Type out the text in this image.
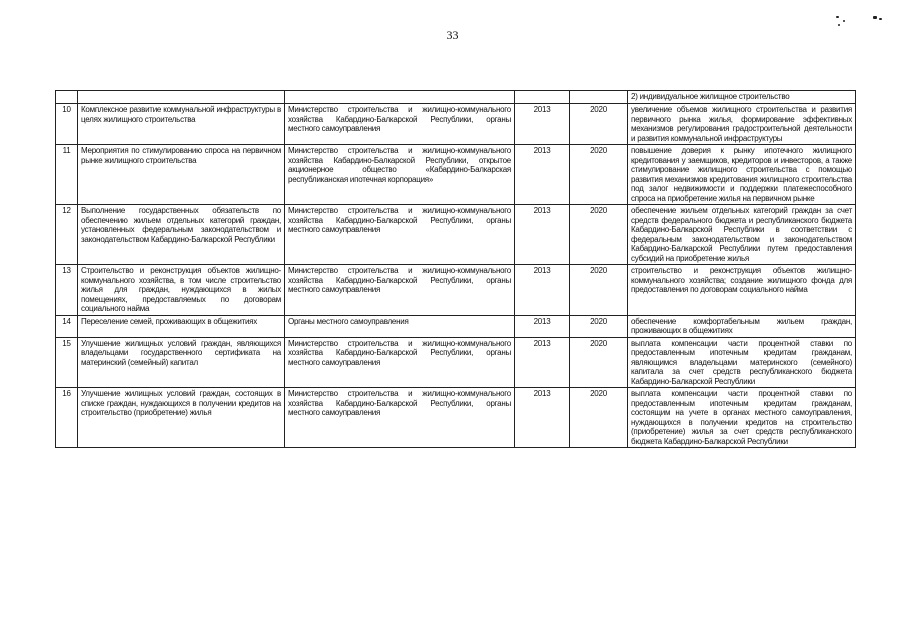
33
					2) индивидуальное жилищное строительство
10	Комплексное развитие коммунальной инфраструктуры в целях жилищного строительства	Министерство строительства и жилищно-коммунального хозяйства Кабардино-Балкарской Республики, органы местного самоуправления	2013	2020	увеличение объемов жилищного строительства и развития первичного рынка жилья, формирование эффективных механизмов регулирования градостроительной деятельности и развития коммунальной инфраструктуры
11	Мероприятия по стимулированию спроса на первичном рынке жилищного строительства	Министерство строительства и жилищно-коммунального хозяйства Кабардино-Балкарской Республики, открытое акционерное общество «Кабардино-Балкарская республиканская ипотечная корпорация»	2013	2020	повышение доверия к рынку ипотечного жилищного кредитования у заемщиков, кредиторов и инвесторов, а также стимулирование жилищного строительства с помощью развития механизмов кредитования жилищного строительства под залог недвижимости и поддержки платежеспособного спроса на приобретение жилья на первичном рынке
12	Выполнение государственных обязательств по обеспечению жильем отдельных категорий граждан, установленных федеральным законодательством и законодательством Кабардино-Балкарской Республики	Министерство строительства и жилищно-коммунального хозяйства Кабардино-Балкарской Республики, органы местного самоуправления	2013	2020	обеспечение жильем отдельных категорий граждан за счет средств федерального бюджета и республиканского бюджета Кабардино-Балкарской Республики в соответствии с федеральным законодательством и законодательством Кабардино-Балкарской Республики путем предоставления субсидий на приобретение жилья
13	Строительство и реконструкция объектов жилищно-коммунального хозяйства, в том числе строительство жилья для граждан, нуждающихся в жилых помещениях, предоставляемых по договорам социального найма	Министерство строительства и жилищно-коммунального хозяйства Кабардино-Балкарской Республики, органы местного самоуправления	2013	2020	строительство и реконструкция объектов жилищно-коммунального хозяйства; создание жилищного фонда для предоставления по договорам социального найма
14	Переселение семей, проживающих в общежитиях	Органы местного самоуправления	2013	2020	обеспечение комфортабельным жильем граждан, проживающих в общежитиях
15	Улучшение жилищных условий граждан, являющихся владельцами государственного сертификата на материнский (семейный) капитал	Министерство строительства и жилищно-коммунального хозяйства Кабардино-Балкарской Республики, органы местного самоуправления	2013	2020	выплата компенсации части процентной ставки по предоставленным ипотечным кредитам гражданам, являющимся владельцами материнского (семейного) капитала за счет средств республиканского бюджета Кабардино-Балкарской Республики
16	Улучшение жилищных условий граждан, состоящих в списке граждан, нуждающихся в получении кредитов на строительство (приобретение) жилья	Министерство строительства и жилищно-коммунального хозяйства Кабардино-Балкарской Республики, органы местного самоуправления	2013	2020	выплата компенсации части процентной ставки по предоставленным ипотечным кредитам гражданам, состоящим на учете в органах местного самоуправления, нуждающихся в получении кредитов на строительство (приобретение) жилья за счет средств республиканского бюджета Кабардино-Балкарской Республики
